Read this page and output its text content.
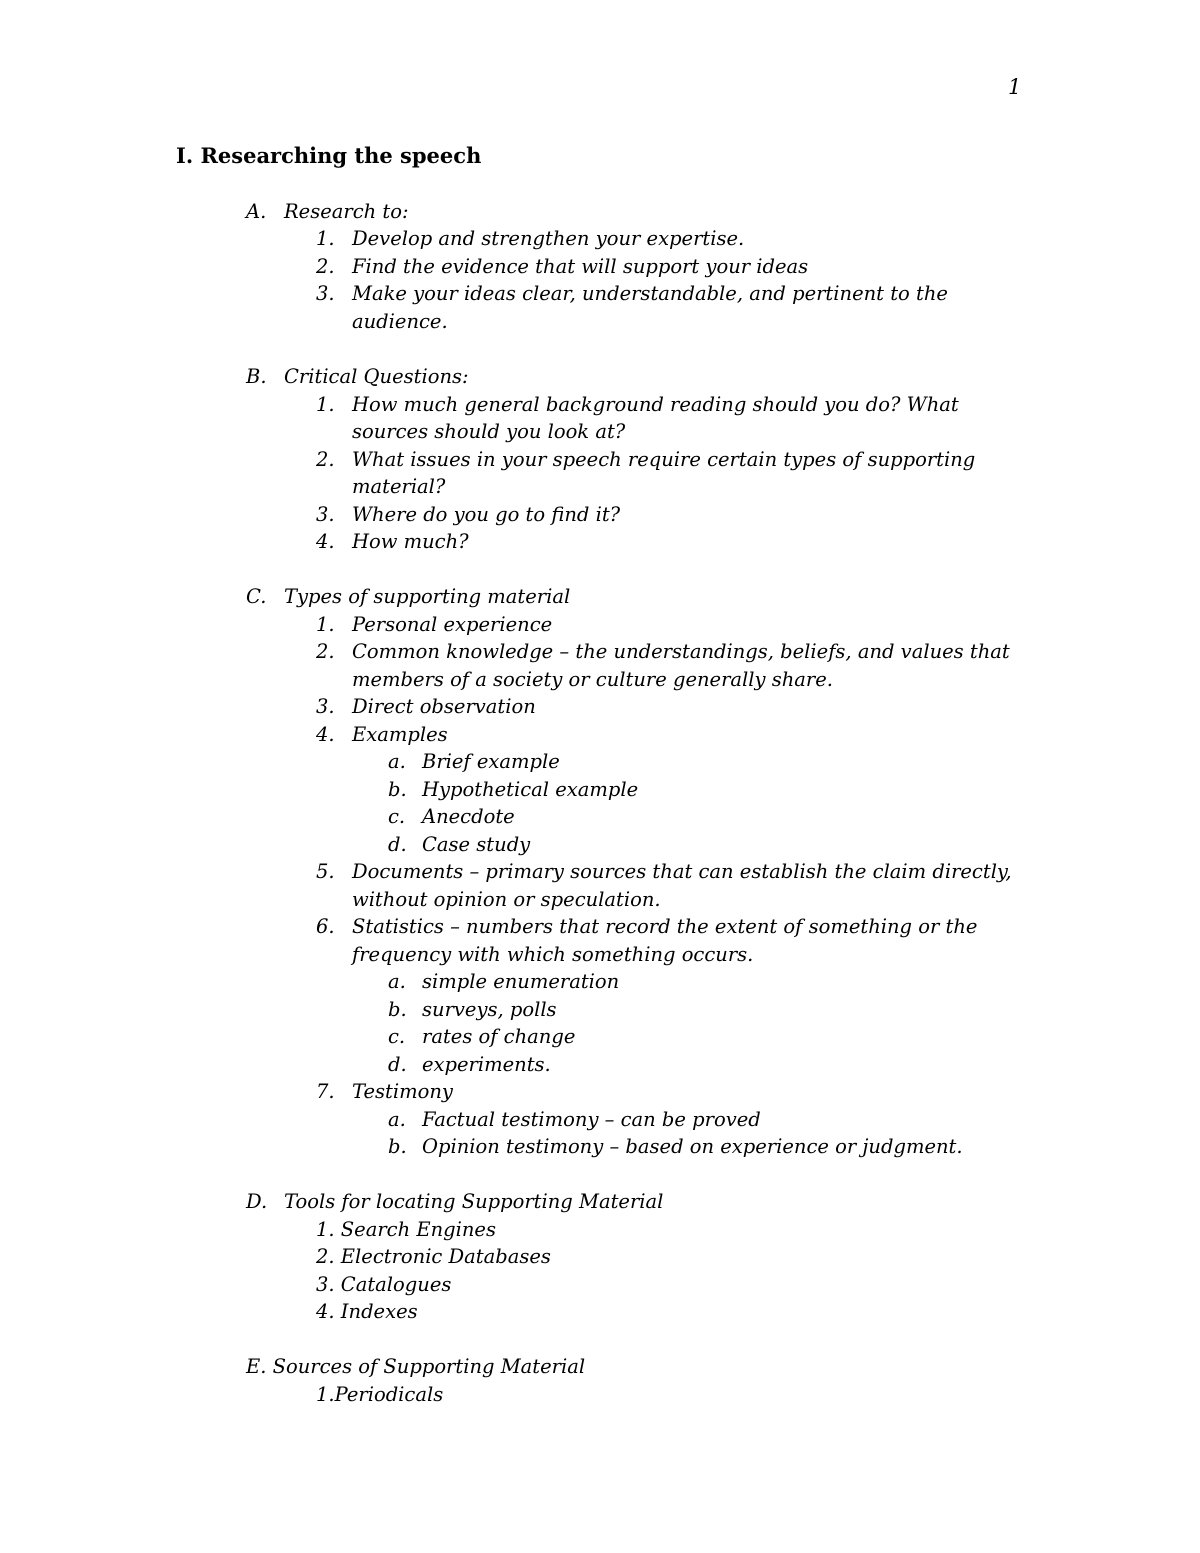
1
I. Researching the speech
A. Research to:
1. Develop and strengthen your expertise.
2. Find the evidence that will support your ideas
3. Make your ideas clear, understandable, and pertinent to the
audience.
B. Critical Questions:
1. How much general background reading should you do? What
sources should you look at?
2. What issues in your speech require certain types of supporting
material?
3. Where do you go to find it?
4. How much?
C. Types of supporting material
1. Personal experience
2. Common knowledge – the understandings, beliefs, and values that
members of a society or culture generally share.
3. Direct observation
4. Examples
a. Brief example
b. Hypothetical example
c. Anecdote
d. Case study
5. Documents – primary sources that can establish the claim directly,
without opinion or speculation.
6. Statistics – numbers that record the extent of something or the
frequency with which something occurs.
a. simple enumeration
b. surveys, polls
c. rates of change
d. experiments.
7. Testimony
a. Factual testimony – can be proved
b. Opinion testimony – based on experience or judgment.
D. Tools for locating Supporting Material
1. Search Engines
2. Electronic Databases
3. Catalogues
4. Indexes
E. Sources of Supporting Material
1.Periodicals
